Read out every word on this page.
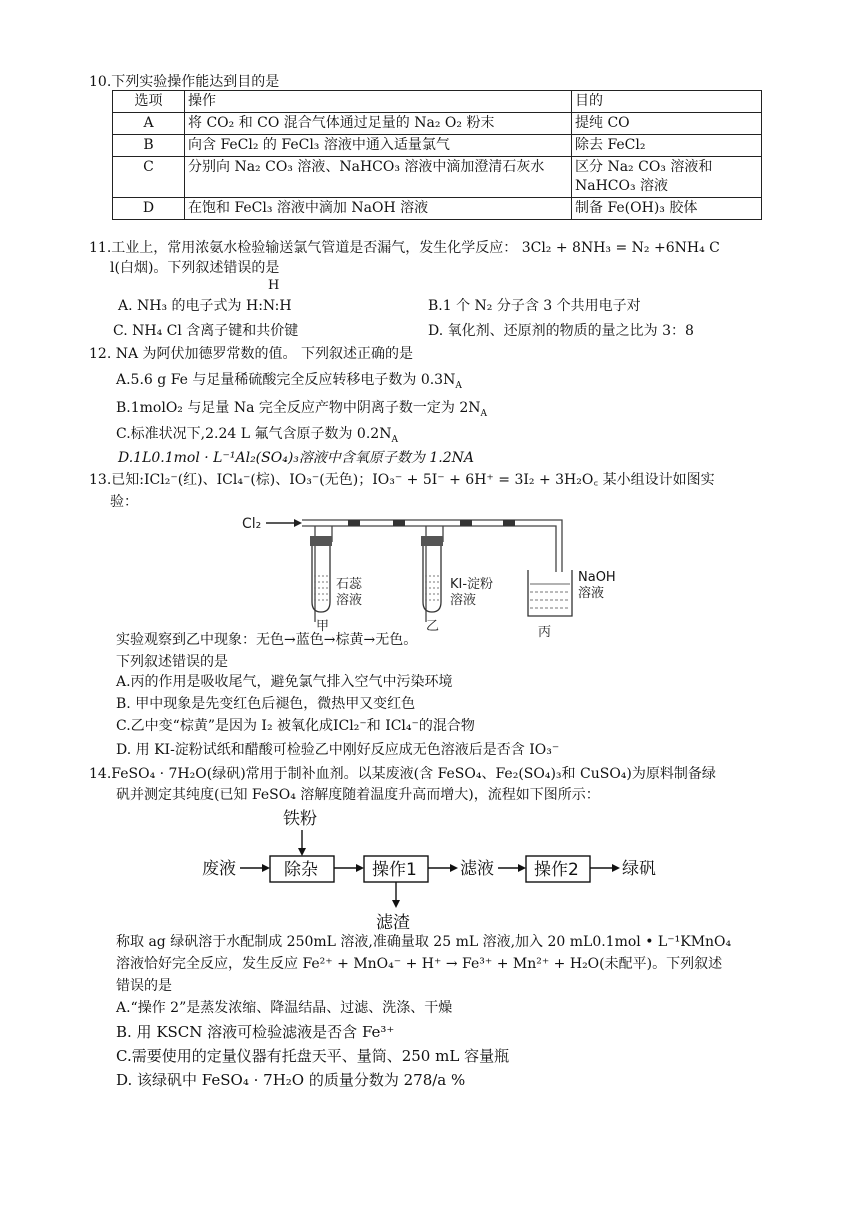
10.下列实验操作能达到目的是
选项	操作	目的
A	将 CO₂ 和 CO 混合气体通过足量的 Na₂ O₂ 粉末	提纯 CO
B	向含 FeCl₂ 的 FeCl₃ 溶液中通入适量氯气	除去 FeCl₂
C	分别向 Na₂ CO₃ 溶液、NaHCO₃ 溶液中滴加澄清石灰水	区分 Na₂ CO₃ 溶液和 NaHCO₃ 溶液
D	在饱和 FeCl₃ 溶液中滴加 NaOH 溶液	制备 Fe(OH)₃ 胶体
11.工业上，常用浓氨水检验输送氯气管道是否漏气，发生化学反应： 3Cl₂ + 8NH₃ = N₂ +6NH₄ C
l(白烟)。下列叙述错误的是
H
A. NH₃ 的电子式为 H:N:H	B.1 个 N₂ 分子含 3 个共用电子对
C. NH₄ Cl 含离子键和共价键	D. 氧化剂、还原剂的物质的量之比为 3：8
12. NA 为阿伏加德罗常数的值。 下列叙述正确的是
A.5.6 g Fe 与足量稀硫酸完全反应转移电子数为 $0.3N_A$
B.1molO₂ 与足量 Na 完全反应产物中阴离子数一定为 $2N_A$
C.标准状况下,2.24 L 氟气含原子数为 $0.2N_A$
D.1L0.1mol · L⁻¹Al₂(SO₄)₃溶液中含氧原子数为 1.2NA
13.已知:ICl₂⁻(红)、ICl₄⁻(棕)、IO₃⁻(无色)；IO₃⁻ + 5I⁻ + 6H⁺ = 3I₂ + 3H₂O꜀ 某小组设计如图实
验：
Cl₂
石蕊
溶液
甲
KI-淀粉
溶液
乙	丙
NaOH
溶液
实验观察到乙中现象：无色→蓝色→棕黄→无色。
下列叙述错误的是
A.丙的作用是吸收尾气，避免氯气排入空气中污染环境
B. 甲中现象是先变红色后褪色，微热甲又变红色
C.乙中变“棕黄”是因为 I₂ 被氧化成ICl₂⁻和 ICl₄⁻的混合物
D. 用 KI-淀粉试纸和醋酸可检验乙中刚好反应成无色溶液后是否含 IO₃⁻
14.FeSO₄ · 7H₂O(绿矾)常用于制补血剂。以某废液(含 FeSO₄、Fe₂(SO₄)₃和 CuSO₄)为原料制备绿
矾并测定其纯度(已知 FeSO₄ 溶解度随着温度升高而增大)，流程如下图所示：
铁粉
废液	除杂	操作1	滤液 操作2	绿矾
滤渣
称取 ag 绿矾溶于水配制成 250mL 溶液,准确量取 25 mL 溶液,加入 20 mL0.1mol • L⁻¹KMnO₄
溶液恰好完全反应，发生反应 Fe²⁺ + MnO₄⁻ + H⁺ → Fe³⁺ + Mn²⁺ + H₂O(未配平)。下列叙述
错误的是
A.“操作 2”是蒸发浓缩、降温结晶、过滤、洗涤、干燥
B. 用 KSCN 溶液可检验滤液是否含 Fe³⁺
C.需要使用的定量仪器有托盘天平、量筒、250 mL 容量瓶
D. 该绿矾中 FeSO₄ · 7H₂O 的质量分数为 278/a %
